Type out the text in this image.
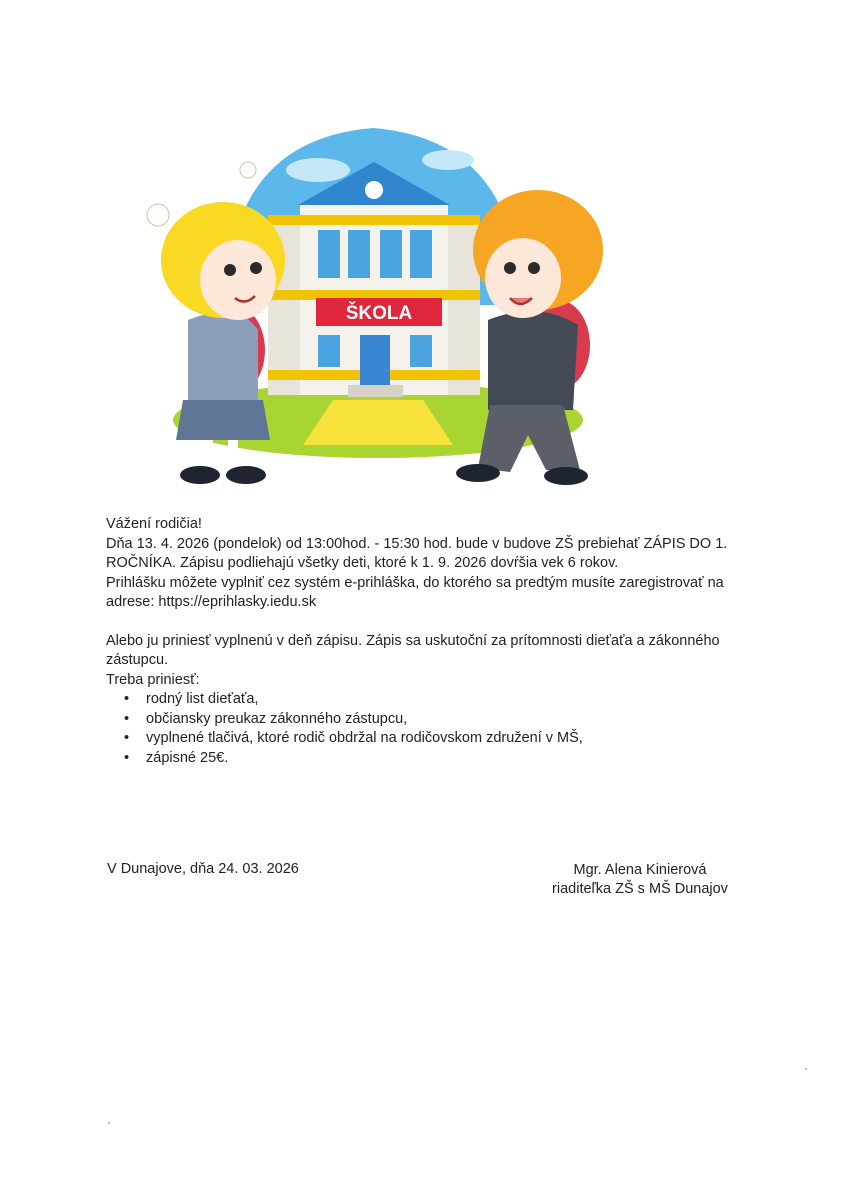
ŠKOLA

Vážení rodičia!

Dňa 13. 4. 2026 (pondelok) od 13:00hod. - 15:30 hod. bude v budove ZŠ prebiehať ZÁPIS DO 1.

ROČNÍKA. Zápisu podliehajú všetky deti, ktoré k 1. 9. 2026 dovŕšia vek 6 rokov.

Prihlášku môžete vyplniť cez systém e-prihláška, do ktorého sa predtým musíte zaregistrovať na

adrese: https://eprihlasky.iedu.sk

Alebo ju priniesť vyplnenú v deň zápisu. Zápis sa uskutoční za prítomnosti dieťaťa a zákonného

zástupcu.

Treba priniesť:

• rodný list dieťaťa,
• občiansky preukaz zákonného zástupcu,
• vyplnené tlačivá, ktoré rodič obdržal na rodičovskom združení v MŠ,
• zápisné 25€.
V Dunajove, dňa 24. 03. 2026	Mgr. Alena Kinierová
riaditeľka ZŠ s MŠ Dunajov
